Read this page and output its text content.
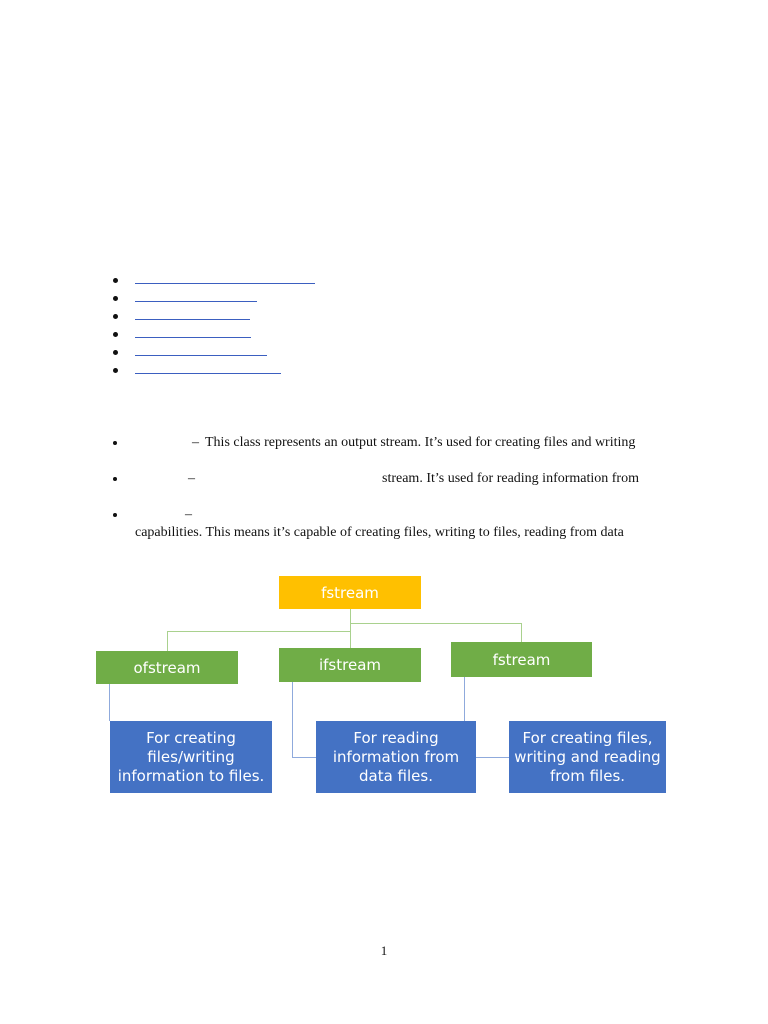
– This class represents an output stream. It’s used for creating files and writing
–	stream. It’s used for reading information from
–
capabilities. This means it’s capable of creating files, writing to files, reading from data
fstream
ofstream	ifstream	fstream
For creating
files/writing
information to files.
For reading
information from
data files.
For creating files,
writing and reading
from files.
1
